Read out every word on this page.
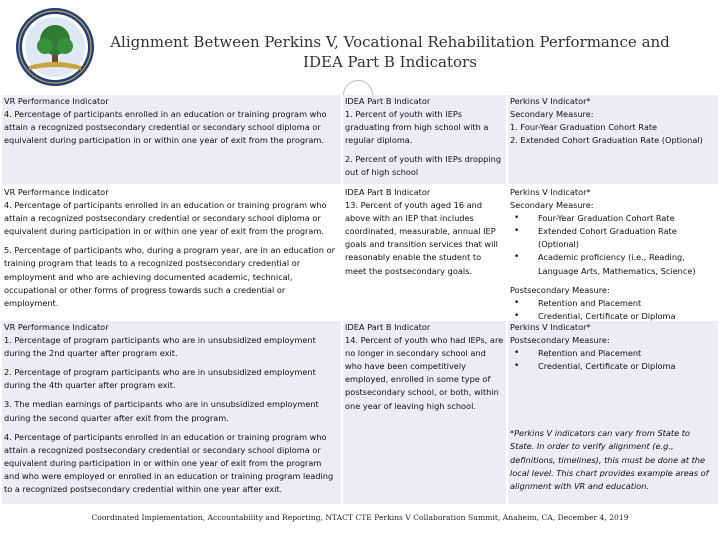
Alignment Between Perkins V, Vocational Rehabilitation Performance and
IDEA Part B Indicators
VR Performance Indicator
4. Percentage of participants enrolled in an education or training program who attain a recognized postsecondary credential or secondary school diploma or equivalent during participation in or within one year of exit from the program.
IDEA Part B Indicator
1. Percent of youth with IEPs graduating from high school with a regular diploma.
2. Percent of youth with IEPs dropping out of high school
Perkins V Indicator*
Secondary Measure:
1. Four-Year Graduation Cohort Rate
2. Extended Cohort Graduation Rate (Optional)
VR Performance Indicator
4. Percentage of participants enrolled in an education or training program who attain a recognized postsecondary credential or secondary school diploma or equivalent during participation in or within one year of exit from the program.
5. Percentage of participants who, during a program year, are in an education or training program that leads to a recognized postsecondary credential or employment and who are achieving documented academic, technical, occupational or other forms of progress towards such a credential or employment.
IDEA Part B Indicator
13. Percent of youth aged 16 and above with an IEP that includes coordinated, measurable, annual IEP goals and transition services that will reasonably enable the student to meet the postsecondary goals.
Perkins V Indicator*
Secondary Measure:
• Four-Year Graduation Cohort Rate
• Extended Cohort Graduation Rate (Optional)
• Academic proficiency (i.e., Reading, Language Arts, Mathematics, Science)
Postsecondary Measure:
• Retention and Placement
• Credential, Certificate or Diploma
VR Performance Indicator
1. Percentage of program participants who are in unsubsidized employment during the 2nd quarter after program exit.
2. Percentage of program participants who are in unsubsidized employment during the 4th quarter after program exit.
3. The median earnings of participants who are in unsubsidized employment during the second quarter after exit from the program.
4. Percentage of participants enrolled in an education or training program who attain a recognized postsecondary credential or secondary school diploma or equivalent during participation in or within one year of exit from the program and who were employed or enrolled in an education or training program leading to a recognized postsecondary credential within one year after exit.
IDEA Part B Indicator
14. Percent of youth who had IEPs, are no longer in secondary school and who have been competitively employed, enrolled in some type of postsecondary school, or both, within one year of leaving high school.
Perkins V Indicator*
Postsecondary Measure:
• Retention and Placement
• Credential, Certificate or Diploma
*Perkins V indicators can vary from State to State. In order to verify alignment (e.g., definitions, timelines), this must be done at the local level. This chart provides example areas of alignment with VR and education.
Coordinated Implementation, Accountability and Reporting, NTACT CTE Perkins V Collaboration Summit, Anaheim, CA, December 4, 2019
